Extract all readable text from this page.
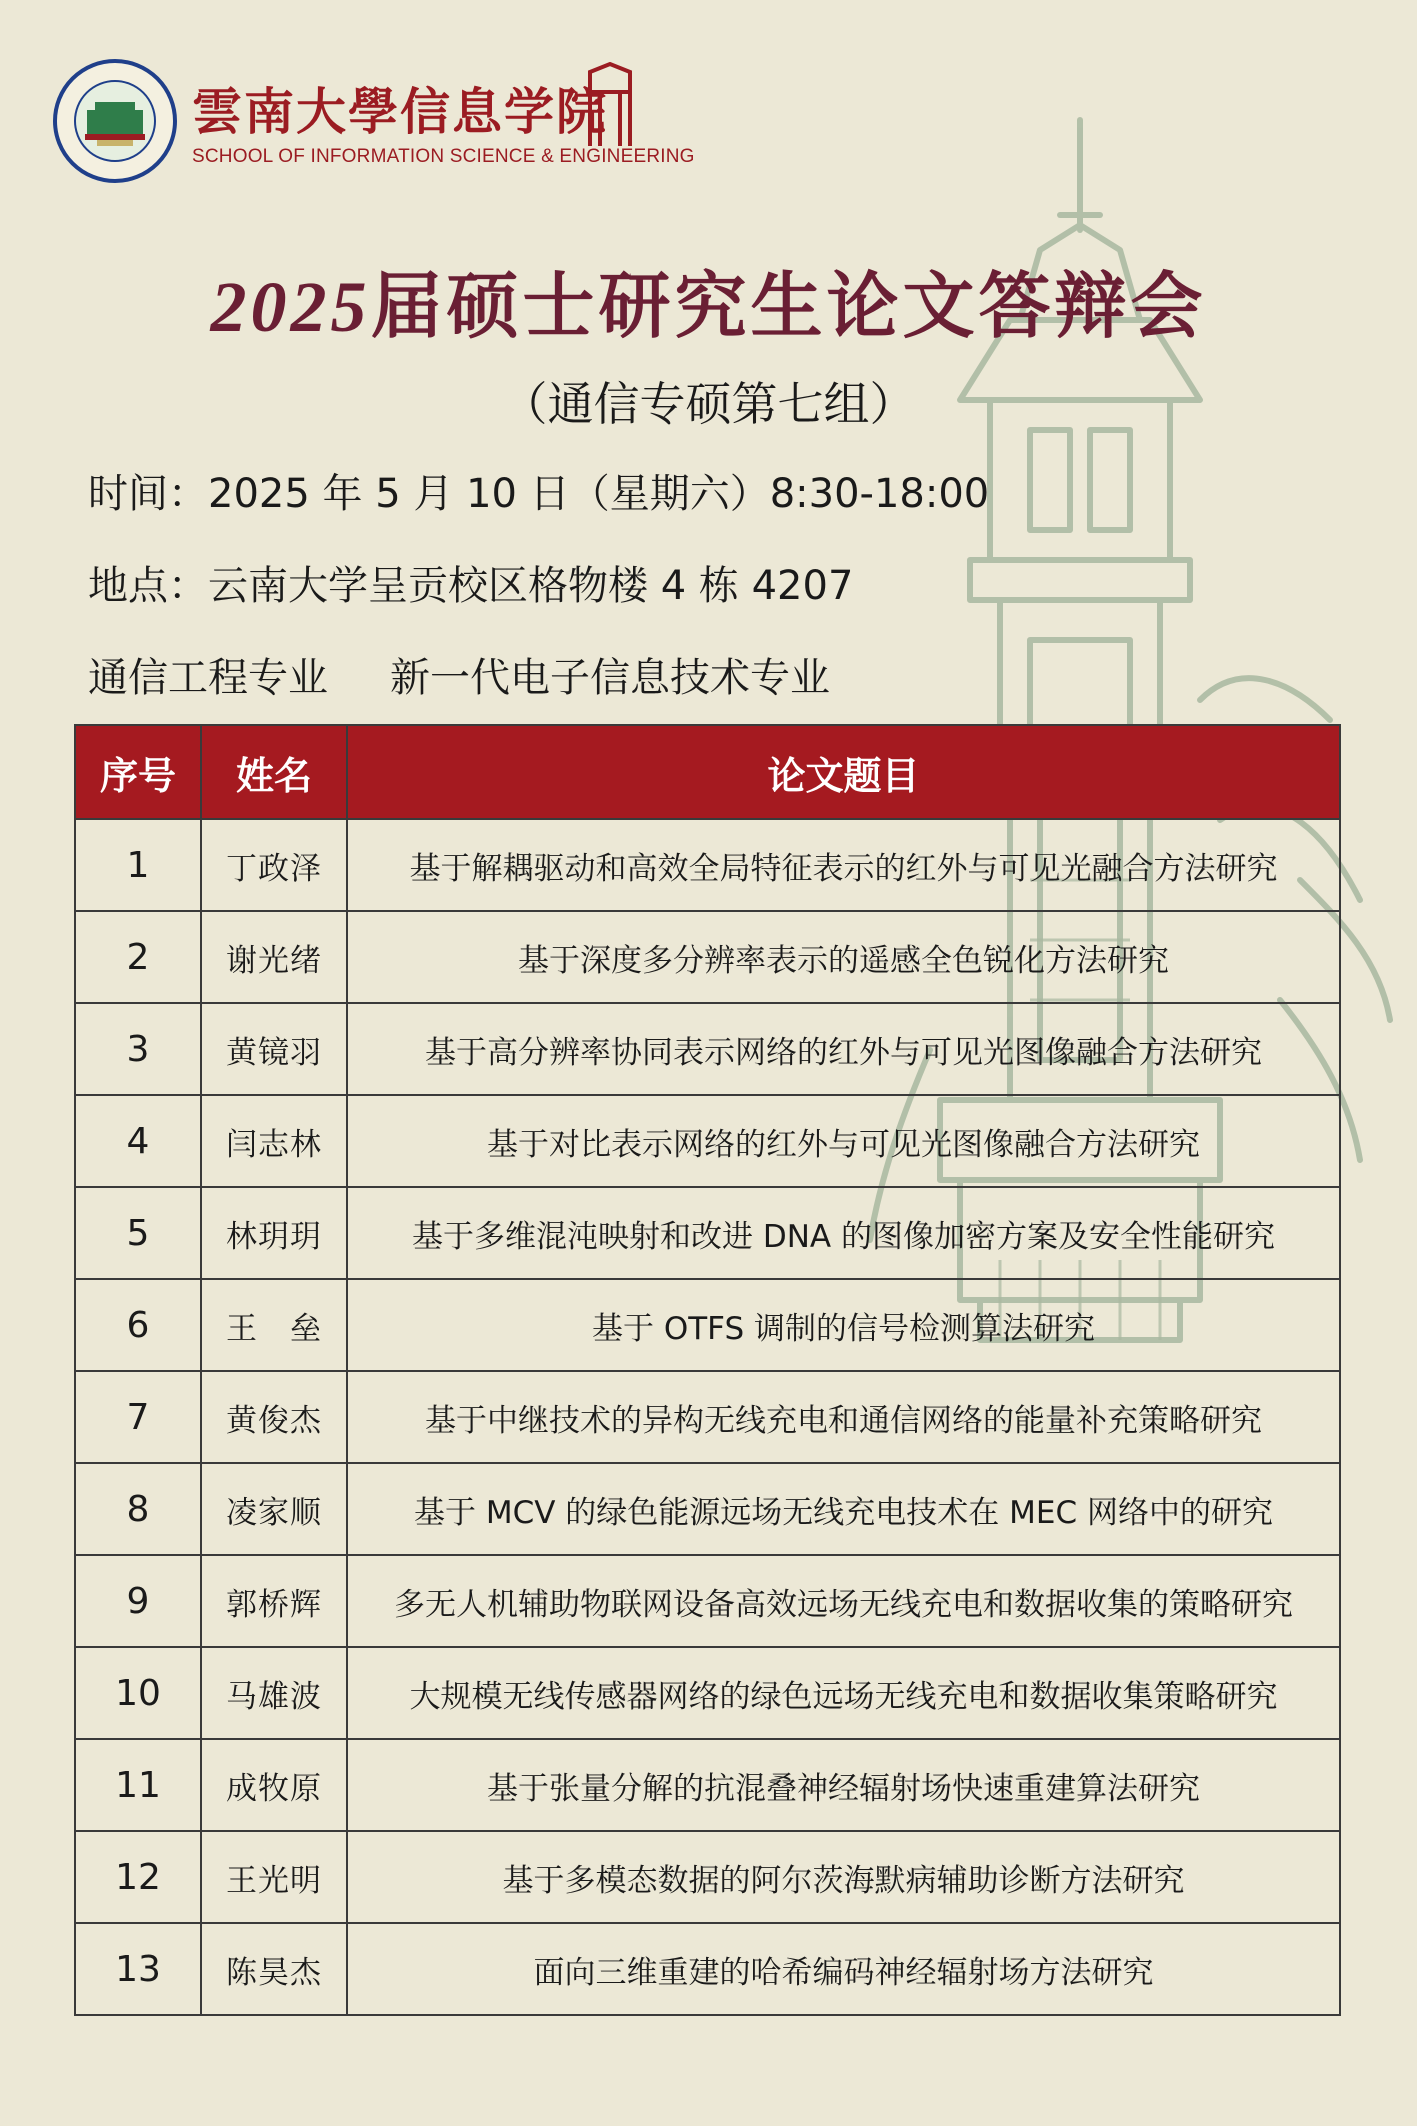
雲南大學信息学院
SCHOOL OF INFORMATION SCIENCE & ENGINEERING
2025届硕士研究生论文答辩会
（通信专硕第七组）
时间：2025 年 5 月 10 日（星期六）8:30-18:00
地点：云南大学呈贡校区格物楼 4 栋 4207
通信工程专业 新一代电子信息技术专业
序号	姓名	论文题目
1	丁政泽	基于解耦驱动和高效全局特征表示的红外与可见光融合方法研究
2	谢光绪	基于深度多分辨率表示的遥感全色锐化方法研究
3	黄镜羽	基于高分辨率协同表示网络的红外与可见光图像融合方法研究
4	闫志林	基于对比表示网络的红外与可见光图像融合方法研究
5	林玥玥	基于多维混沌映射和改进 DNA 的图像加密方案及安全性能研究
6	王　垒	基于 OTFS 调制的信号检测算法研究
7	黄俊杰	基于中继技术的异构无线充电和通信网络的能量补充策略研究
8	凌家顺	基于 MCV 的绿色能源远场无线充电技术在 MEC 网络中的研究
9	郭桥辉	多无人机辅助物联网设备高效远场无线充电和数据收集的策略研究
10	马雄波	大规模无线传感器网络的绿色远场无线充电和数据收集策略研究
11	成牧原	基于张量分解的抗混叠神经辐射场快速重建算法研究
12	王光明	基于多模态数据的阿尔茨海默病辅助诊断方法研究
13	陈昊杰	面向三维重建的哈希编码神经辐射场方法研究
